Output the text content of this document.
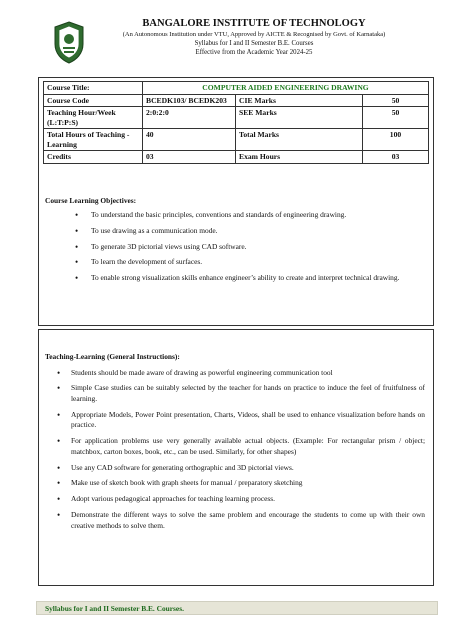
BANGALORE INSTITUTE OF TECHNOLOGY
(An Autonomous Institution under VTU, Approved by AICTE & Recognised by Govt. of Karnataka)
Syllabus for I and II Semester B.E. Courses
Effective from the Academic Year 2024-25
Course Title:	COMPUTER AIDED ENGINEERING DRAWING		
Course Code	BCEDK103/ BCEDK203	CIE Marks	50
Teaching Hour/Week (L:T:P:S)	2:0:2:0	SEE Marks	50
Total Hours of Teaching - Learning	40	Total Marks	100
Credits	03	Exam Hours	03
Course Learning Objectives:
• To understand the basic principles, conventions and standards of engineering drawing.
• To use drawing as a communication mode.
• To generate 3D pictorial views using CAD software.
• To learn the development of surfaces.
• To enable strong visualization skills enhance engineer’s ability to create and interpret technical drawing.
Teaching-Learning (General Instructions):
• Students should be made aware of drawing as powerful engineering communication tool
• Simple Case studies can be suitably selected by the teacher for hands on practice to induce the feel of fruitfulness of learning.
• Appropriate Models, Power Point presentation, Charts, Videos, shall be used to enhance visualization before hands on practice.
• For application problems use very generally available actual objects. (Example: For rectangular prism / object; matchbox, carton boxes, book, etc., can be used. Similarly, for other shapes)
• Use any CAD software for generating orthographic and 3D pictorial views.
• Make use of sketch book with graph sheets for manual / preparatory sketching
• Adopt various pedagogical approaches for teaching learning process.
• Demonstrate the different ways to solve the same problem and encourage the students to come up with their own creative methods to solve them.
Syllabus for I and II Semester B.E. Courses.
